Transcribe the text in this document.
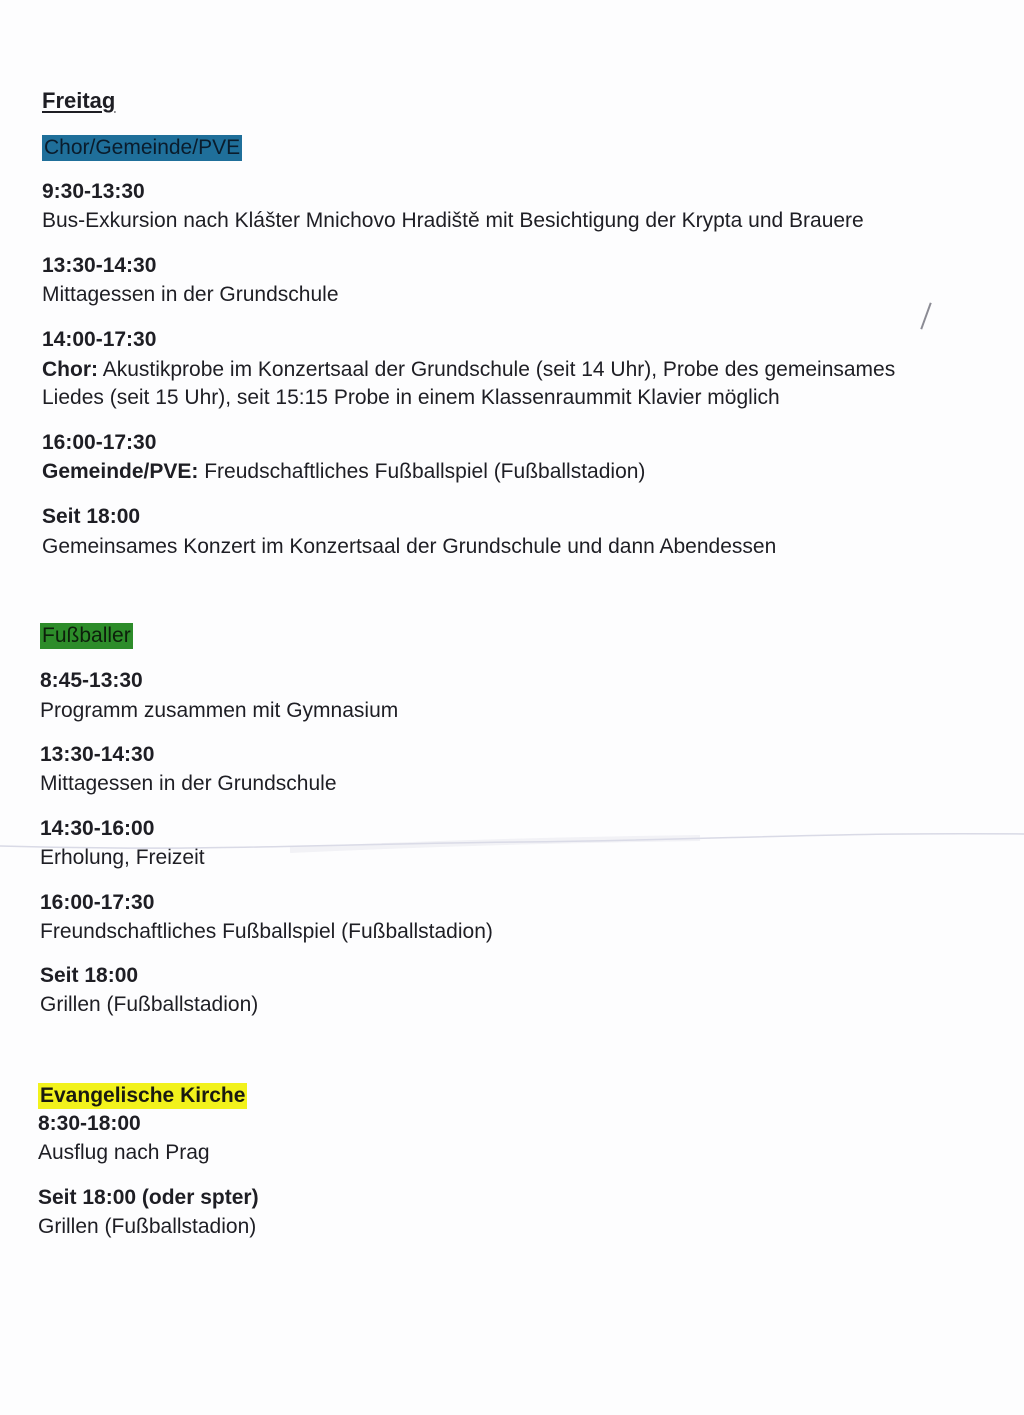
Freitag
Chor/Gemeinde/PVE
9:30-13:30
Bus-Exkursion nach Klášter Mnichovo Hradiště mit Besichtigung der Krypta und Brauere
13:30-14:30
Mittagessen in der Grundschule
14:00-17:30
Chor: Akustikprobe im Konzertsaal der Grundschule (seit 14 Uhr), Probe des gemeinsames
Liedes (seit 15 Uhr), seit 15:15 Probe in einem Klassenraummit Klavier möglich
16:00-17:30
Gemeinde/PVE: Freudschaftliches Fußballspiel (Fußballstadion)
Seit 18:00
Gemeinsames Konzert im Konzertsaal der Grundschule und dann Abendessen
Fußballer
8:45-13:30
Programm zusammen mit Gymnasium
13:30-14:30
Mittagessen in der Grundschule
14:30-16:00
Erholung, Freizeit
16:00-17:30
Freundschaftliches Fußballspiel (Fußballstadion)
Seit 18:00
Grillen (Fußballstadion)
Evangelische Kirche
8:30-18:00
Ausflug nach Prag
Seit 18:00 (oder spter)
Grillen (Fußballstadion)
